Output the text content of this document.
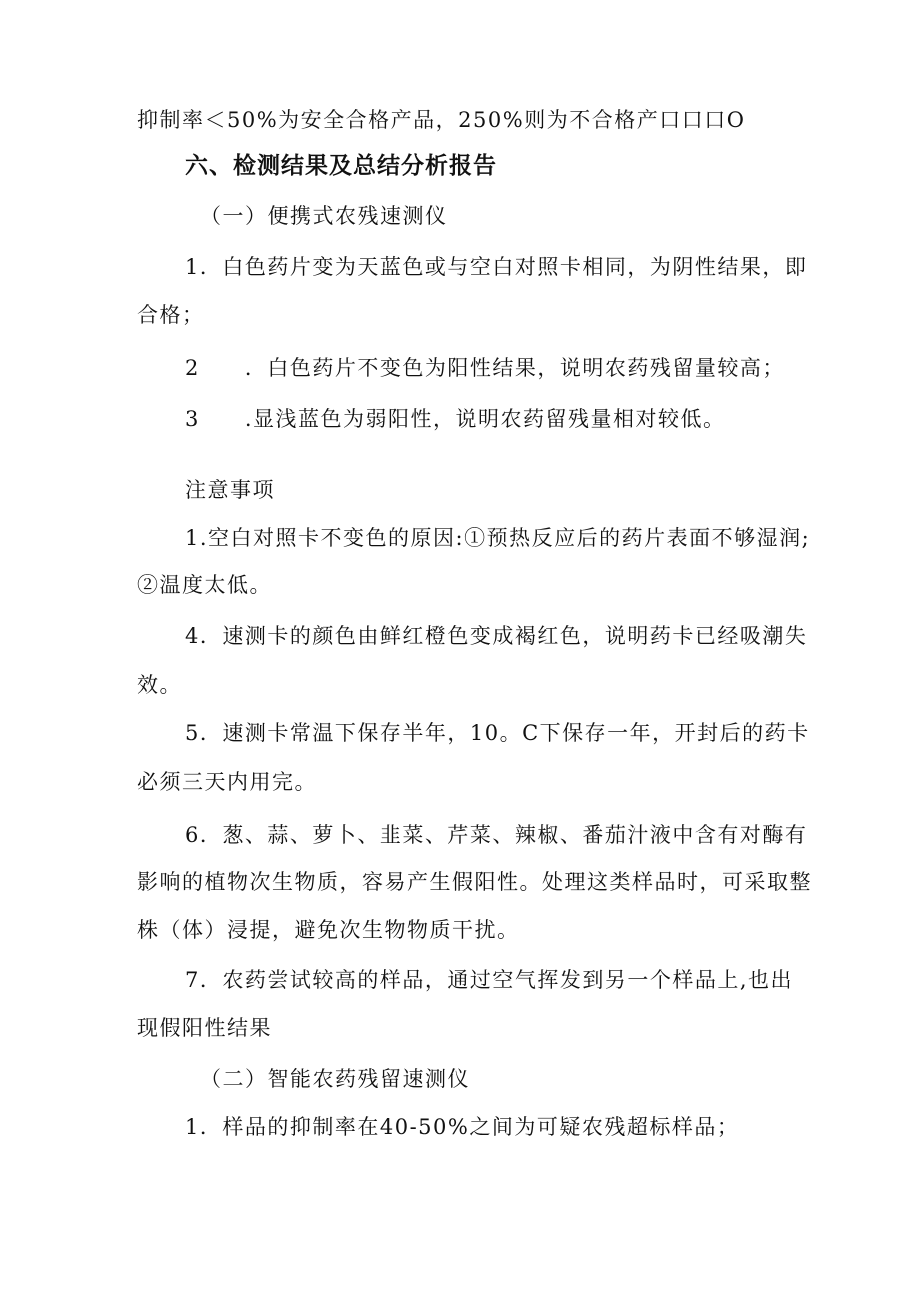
抑制率＜50%为安全合格产品，250%则为不合格产口口口O
六、检测结果及总结分析报告
（一）便携式农残速测仪
1．白色药片变为天蓝色或与空白对照卡相同，为阴性结果，即
合格；
2　　．白色药片不变色为阳性结果，说明农药残留量较高；
3　　.显浅蓝色为弱阳性，说明农药留残量相对较低。
注意事项
1.空白对照卡不变色的原因:①预热反应后的药片表面不够湿润;
②温度太低。
4．速测卡的颜色由鲜红橙色变成褐红色，说明药卡已经吸潮失
效。
5．速测卡常温下保存半年，10。C下保存一年，开封后的药卡
必须三天内用完。
6．葱、蒜、萝卜、韭菜、芹菜、辣椒、番茄汁液中含有对酶有
影响的植物次生物质，容易产生假阳性。处理这类样品时，可采取整
株（体）浸提，避免次生物物质干扰。
7．农药尝试较高的样品，通过空气挥发到另一个样品上,也出
现假阳性结果
（二）智能农药残留速测仪
1．样品的抑制率在40-50%之间为可疑农残超标样品；
